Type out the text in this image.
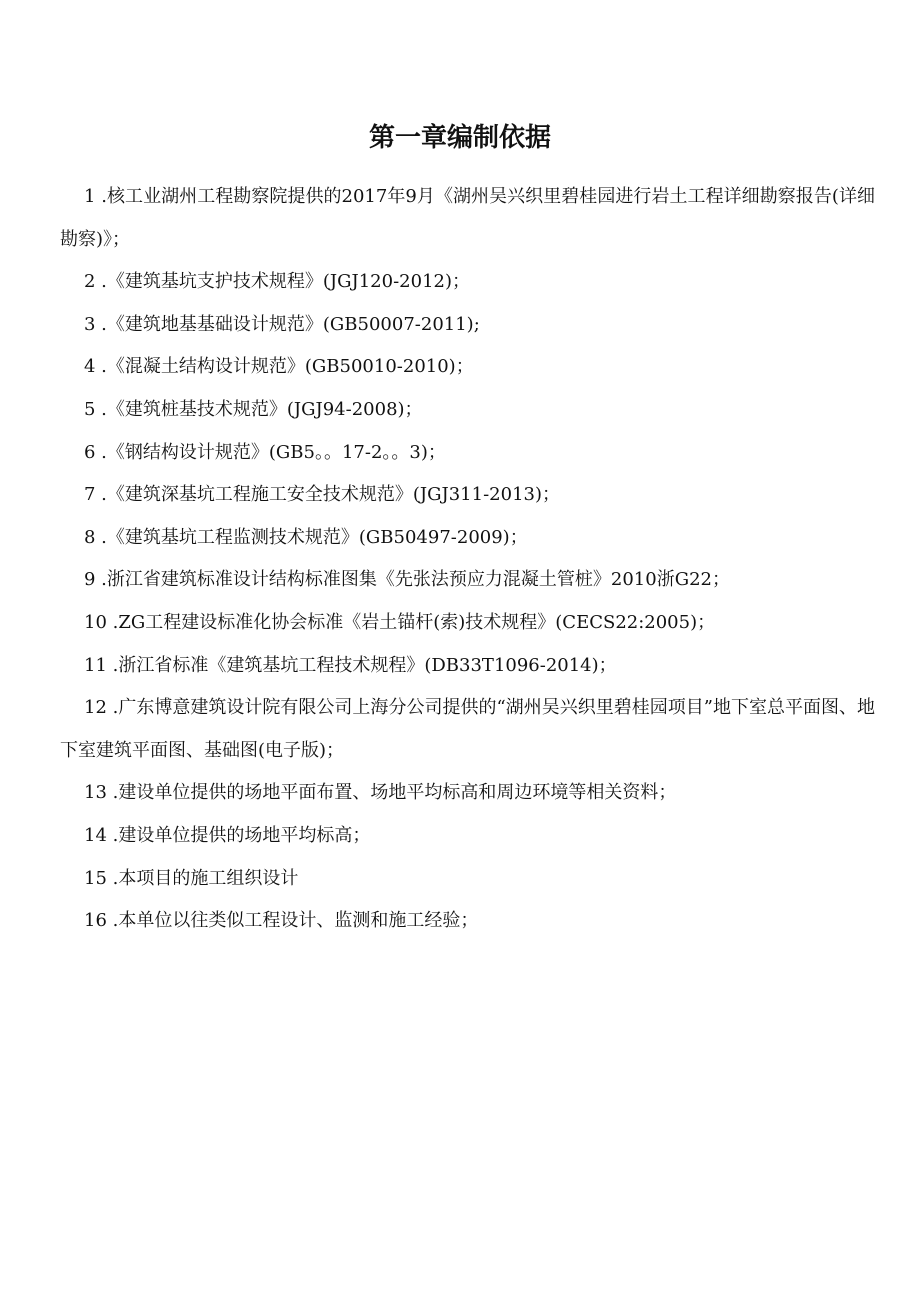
第一章编制依据
1 .核工业湖州工程勘察院提供的2017年9月《湖州吴兴织里碧桂园进行岩土工程详细勘察报告(详细勘察)》；
2 .《建筑基坑支护技术规程》(JGJ120-2012)；
3 .《建筑地基基础设计规范》(GB50007-2011);
4 .《混凝土结构设计规范》(GB50010-2010)；
5 .《建筑桩基技术规范》(JGJ94-2008)；
6 .《钢结构设计规范》(GB5。。17-2。。3)；
7 .《建筑深基坑工程施工安全技术规范》(JGJ311-2013)；
8 .《建筑基坑工程监测技术规范》(GB50497-2009)；
9 .浙江省建筑标准设计结构标准图集《先张法预应力混凝土管桩》2010浙G22；
10 .ZG工程建设标准化协会标准《岩土锚杆(索)技术规程》(CECS22:2005)；
11 .浙江省标准《建筑基坑工程技术规程》(DB33T1096-2014)；
12 .广东博意建筑设计院有限公司上海分公司提供的“湖州吴兴织里碧桂园项目”地下室总平面图、地下室建筑平面图、基础图(电子版)；
13 .建设单位提供的场地平面布置、场地平均标高和周边环境等相关资料；
14 .建设单位提供的场地平均标高；
15 .本项目的施工组织设计
16 .本单位以往类似工程设计、监测和施工经验；
